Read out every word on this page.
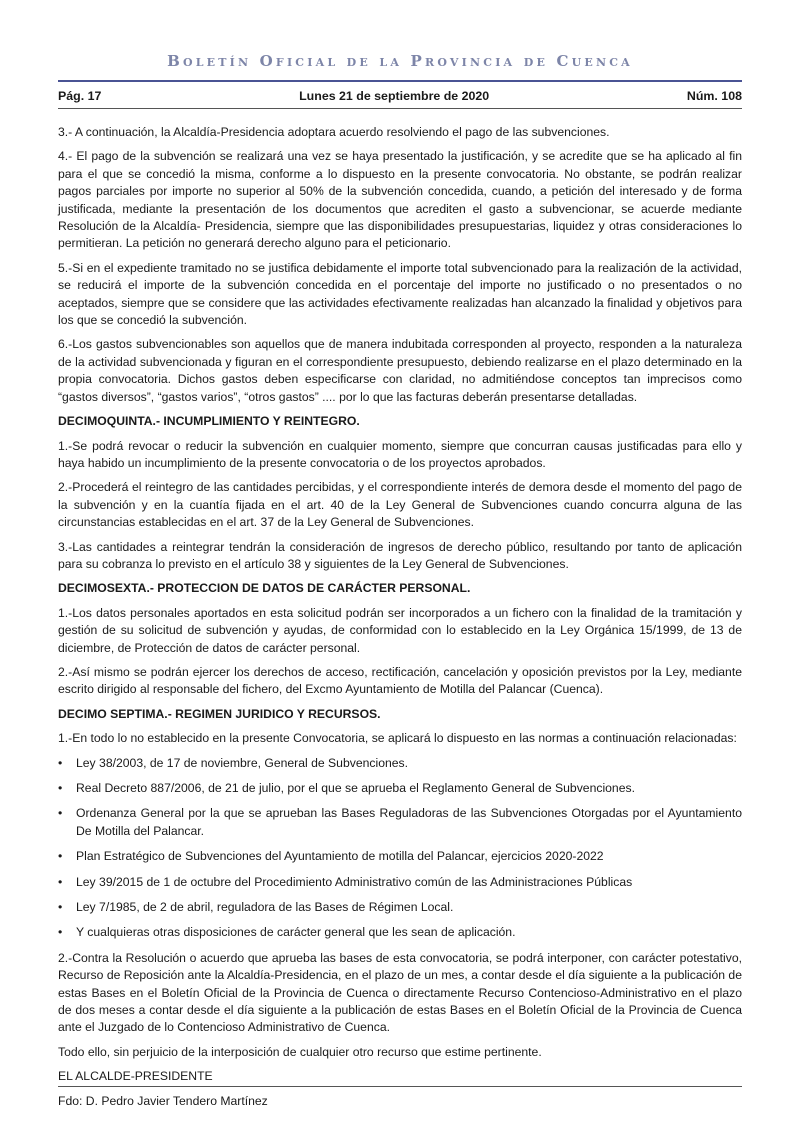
Boletín Oficial de la Provincia de Cuenca
Pág. 17	Lunes 21 de septiembre de 2020	Núm. 108

3.- A continuación, la Alcaldía-Presidencia adoptara acuerdo resolviendo el pago de las subvenciones.

4.- El pago de la subvención se realizará una vez se haya presentado la justificación, y se acredite que se ha aplicado al fin para el que se concedió la misma, conforme a lo dispuesto en la presente convocatoria. No obstante, se podrán realizar pagos parciales por importe no superior al 50% de la subvención concedida, cuando, a petición del interesado y de forma justificada, mediante la presentación de los documentos que acrediten el gasto a subvencionar, se acuerde mediante Resolución de la Alcaldía- Presidencia, siempre que las disponibilidades presupuestarias, liquidez y otras consideraciones lo permitieran. La petición no generará derecho alguno para el peticionario.

5.-Si en el expediente tramitado no se justifica debidamente el importe total subvencionado para la realización de la actividad, se reducirá el importe de la subvención concedida en el porcentaje del importe no justificado o no presentados o no aceptados, siempre que se considere que las actividades efectivamente realizadas han alcanzado la finalidad y objetivos para los que se concedió la subvención.

6.-Los gastos subvencionables son aquellos que de manera indubitada corresponden al proyecto, responden a la naturaleza de la actividad subvencionada y figuran en el correspondiente presupuesto, debiendo realizarse en el plazo determinado en la propia convocatoria. Dichos gastos deben especificarse con claridad, no admitiéndose conceptos tan imprecisos como “gastos diversos”, “gastos varios”, “otros gastos” .... por lo que las facturas deberán presentarse detalladas.

DECIMOQUINTA.- INCUMPLIMIENTO Y REINTEGRO.

1.-Se podrá revocar o reducir la subvención en cualquier momento, siempre que concurran causas justificadas para ello y haya habido un incumplimiento de la presente convocatoria o de los proyectos aprobados.

2.-Procederá el reintegro de las cantidades percibidas, y el correspondiente interés de demora desde el momento del pago de la subvención y en la cuantía fijada en el art. 40 de la Ley General de Subvenciones cuando concurra alguna de las circunstancias establecidas en el art. 37 de la Ley General de Subvenciones.

3.-Las cantidades a reintegrar tendrán la consideración de ingresos de derecho público, resultando por tanto de aplicación para su cobranza lo previsto en el artículo 38 y siguientes de la Ley General de Subvenciones.

DECIMOSEXTA.- PROTECCION DE DATOS DE CARÁCTER PERSONAL.

1.-Los datos personales aportados en esta solicitud podrán ser incorporados a un fichero con la finalidad de la tramitación y gestión de su solicitud de subvención y ayudas, de conformidad con lo establecido en la Ley Orgánica 15/1999, de 13 de diciembre, de Protección de datos de carácter personal.

2.-Así mismo se podrán ejercer los derechos de acceso, rectificación, cancelación y oposición previstos por la Ley, mediante escrito dirigido al responsable del fichero, del Excmo Ayuntamiento de Motilla del Palancar (Cuenca).

DECIMO SEPTIMA.- REGIMEN JURIDICO Y RECURSOS.

1.-En todo lo no establecido en la presente Convocatoria, se aplicará lo dispuesto en las normas a continuación relacionadas:

• Ley 38/2003, de 17 de noviembre, General de Subvenciones.
• Real Decreto 887/2006, de 21 de julio, por el que se aprueba el Reglamento General de Subvenciones.
• Ordenanza General por la que se aprueban las Bases Reguladoras de las Subvenciones Otorgadas por el Ayuntamiento De Motilla del Palancar.
• Plan Estratégico de Subvenciones del Ayuntamiento de motilla del Palancar, ejercicios 2020-2022
• Ley 39/2015 de 1 de octubre del Procedimiento Administrativo común de las Administraciones Públicas
• Ley 7/1985, de 2 de abril, reguladora de las Bases de Régimen Local.
• Y cualquieras otras disposiciones de carácter general que les sean de aplicación.

2.-Contra la Resolución o acuerdo que aprueba las bases de esta convocatoria, se podrá interponer, con carácter potestativo, Recurso de Reposición ante la Alcaldía-Presidencia, en el plazo de un mes, a contar desde el día siguiente a la publicación de estas Bases en el Boletín Oficial de la Provincia de Cuenca o directamente Recurso Contencioso-Administrativo en el plazo de dos meses a contar desde el día siguiente a la publicación de estas Bases en el Boletín Oficial de la Provincia de Cuenca ante el Juzgado de lo Contencioso Administrativo de Cuenca.

Todo ello, sin perjuicio de la interposición de cualquier otro recurso que estime pertinente.

EL ALCALDE-PRESIDENTE

Fdo: D. Pedro Javier Tendero Martínez
